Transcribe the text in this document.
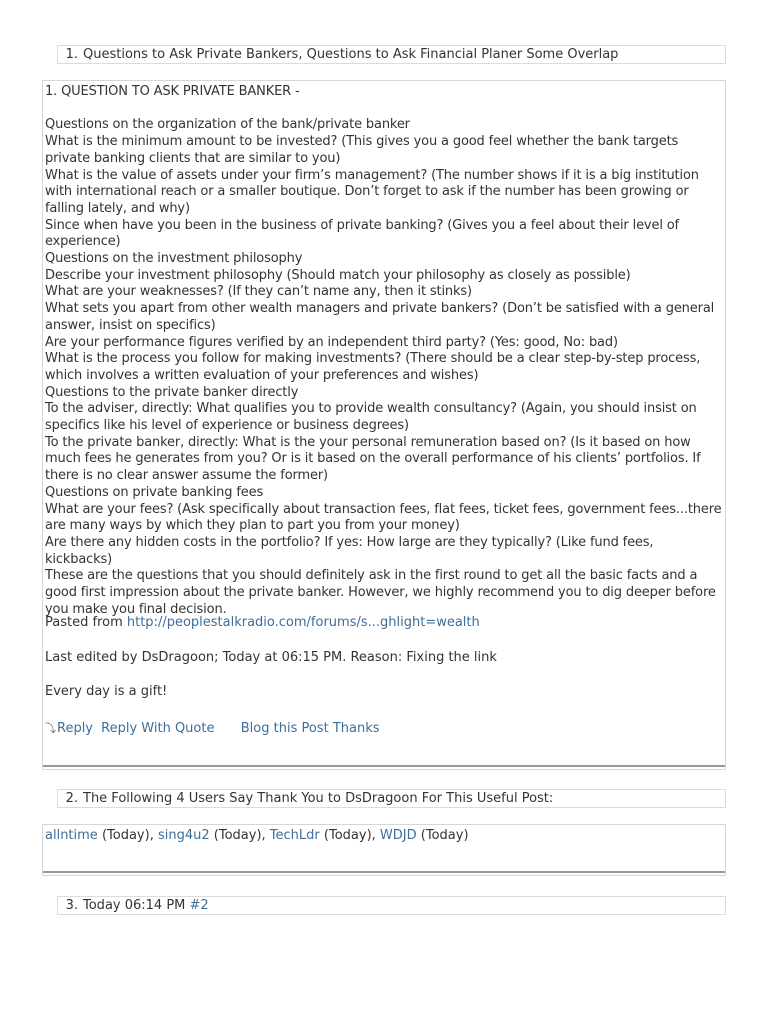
1. Questions to Ask Private Bankers, Questions to Ask Financial Planer Some Overlap

1. QUESTION TO ASK PRIVATE BANKER -

Questions on the organization of the bank/private banker

What is the minimum amount to be invested? (This gives you a good feel whether the bank targets private banking clients that are similar to you)

What is the value of assets under your firm’s management? (The number shows if it is a big institution with international reach or a smaller boutique. Don’t forget to ask if the number has been growing or falling lately, and why)

Since when have you been in the business of private banking? (Gives you a feel about their level of experience)

Questions on the investment philosophy

Describe your investment philosophy (Should match your philosophy as closely as possible)

What are your weaknesses? (If they can’t name any, then it stinks)

What sets you apart from other wealth managers and private bankers? (Don’t be satisfied with a general answer, insist on specifics)

Are your performance figures verified by an independent third party? (Yes: good, No: bad)

What is the process you follow for making investments? (There should be a clear step-by-step process, which involves a written evaluation of your preferences and wishes)

Questions to the private banker directly

To the adviser, directly: What qualifies you to provide wealth consultancy? (Again, you should insist on specifics like his level of experience or business degrees)

To the private banker, directly: What is the your personal remuneration based on? (Is it based on how much fees he generates from you? Or is it based on the overall performance of his clients’ portfolios. If there is no clear answer assume the former)

Questions on private banking fees

What are your fees? (Ask specifically about transaction fees, flat fees, ticket fees, government fees...there are many ways by which they plan to part you from your money)

Are there any hidden costs in the portfolio? If yes: How large are they typically? (Like fund fees, kickbacks)

These are the questions that you should definitely ask in the first round to get all the basic facts and a good first impression about the private banker. However, we highly recommend you to dig deeper before you make you final decision.

Pasted from http://peoplestalkradio.com/forums/s...ghlight=wealth
Last edited by DsDragoon; Today at 06:15 PM. Reason: Fixing the link
Every day is a gift!
⤵Reply Reply With Quote Blog this Post Thanks
2. The Following 4 Users Say Thank You to DsDragoon For This Useful Post:
allntime (Today), sing4u2 (Today), TechLdr (Today), WDJD (Today)
3. Today 06:14 PM #2
